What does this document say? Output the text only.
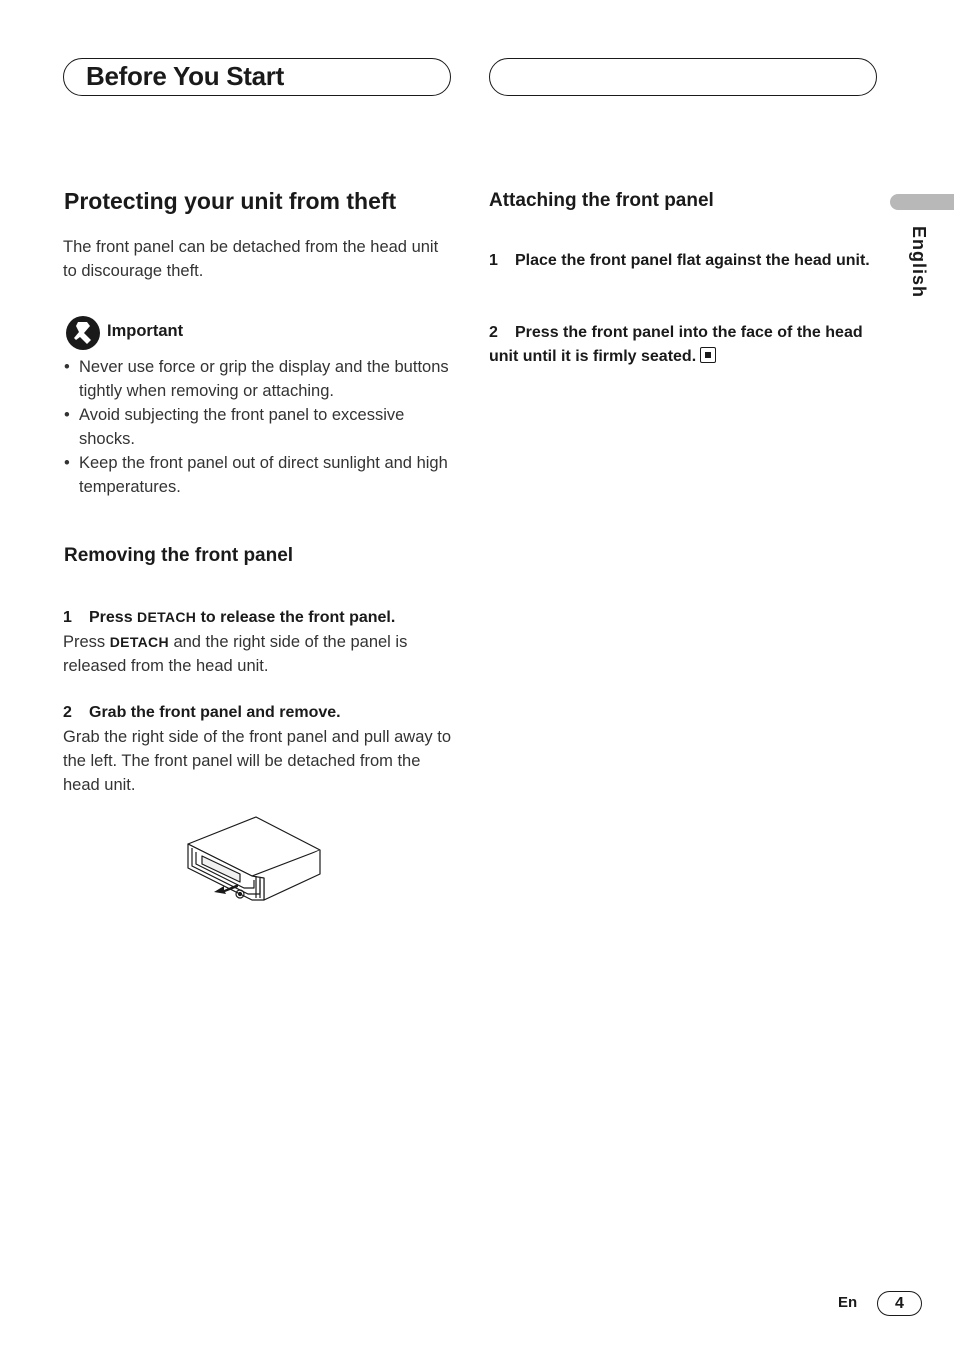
Before You Start
English
Protecting your unit from theft
The front panel can be detached from the head unit to discourage theft.
Important
• Never use force or grip the display and the buttons tightly when removing or attaching.
• Avoid subjecting the front panel to excessive shocks.
• Keep the front panel out of direct sunlight and high temperatures.
Removing the front panel
1 Press DETACH to release the front panel.
Press DETACH and the right side of the panel is released from the head unit.
2 Grab the front panel and remove.
Grab the right side of the front panel and pull away to the left. The front panel will be detached from the head unit.
Attaching the front panel
1 Place the front panel flat against the head unit.
2 Press the front panel into the face of the head unit until it is firmly seated.
En	4
